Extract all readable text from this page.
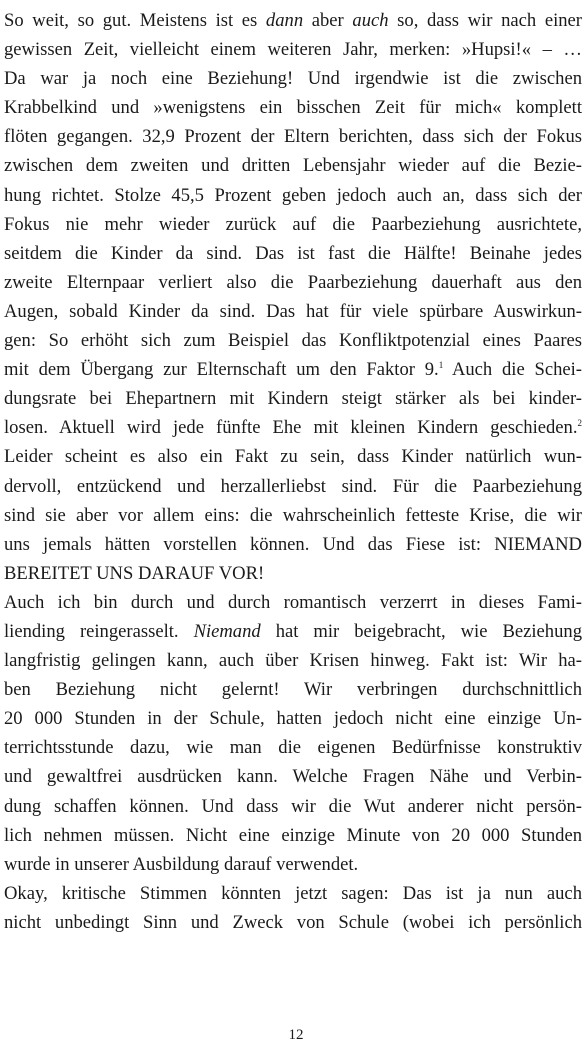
So weit, so gut. Meistens ist es dann aber auch so, dass wir nach einer
gewissen Zeit, vielleicht einem weiteren Jahr, merken: »Hupsi!« – …
Da war ja noch eine Beziehung! Und irgendwie ist die zwischen
Krabbelkind und »wenigstens ein bisschen Zeit für mich« komplett
flöten gegangen. 32,9 Prozent der Eltern berichten, dass sich der Fokus
zwischen dem zweiten und dritten Lebensjahr wieder auf die Bezie-
hung richtet. Stolze 45,5 Prozent geben jedoch auch an, dass sich der
Fokus nie mehr wieder zurück auf die Paarbeziehung ausrichtete,
seitdem die Kinder da sind. Das ist fast die Hälfte! Beinahe jedes
zweite Elternpaar verliert also die Paarbeziehung dauerhaft aus den
Augen, sobald Kinder da sind. Das hat für viele spürbare Auswirkun-
gen: So erhöht sich zum Beispiel das Konfliktpotenzial eines Paares
mit dem Übergang zur Elternschaft um den Faktor 9.$^1$ Auch die Schei-
dungsrate bei Ehepartnern mit Kindern steigt stärker als bei kinder-
losen. Aktuell wird jede fünfte Ehe mit kleinen Kindern geschieden.$^2$
Leider scheint es also ein Fakt zu sein, dass Kinder natürlich wun-
dervoll, entzückend und herzallerliebst sind. Für die Paarbeziehung
sind sie aber vor allem eins: die wahrscheinlich fetteste Krise, die wir
uns jemals hätten vorstellen können. Und das Fiese ist: NIEMAND
BEREITET UNS DARAUF VOR!
Auch ich bin durch und durch romantisch verzerrt in dieses Fami-
liending reingerasselt. Niemand hat mir beigebracht, wie Beziehung
langfristig gelingen kann, auch über Krisen hinweg. Fakt ist: Wir ha-
ben Beziehung nicht gelernt! Wir verbringen durchschnittlich
20 000 Stunden in der Schule, hatten jedoch nicht eine einzige Un-
terrichtsstunde dazu, wie man die eigenen Bedürfnisse konstruktiv
und gewaltfrei ausdrücken kann. Welche Fragen Nähe und Verbin-
dung schaffen können. Und dass wir die Wut anderer nicht persön-
lich nehmen müssen. Nicht eine einzige Minute von 20 000 Stunden
wurde in unserer Ausbildung darauf verwendet.
Okay, kritische Stimmen könnten jetzt sagen: Das ist ja nun auch
nicht unbedingt Sinn und Zweck von Schule (wobei ich persönlich
12
